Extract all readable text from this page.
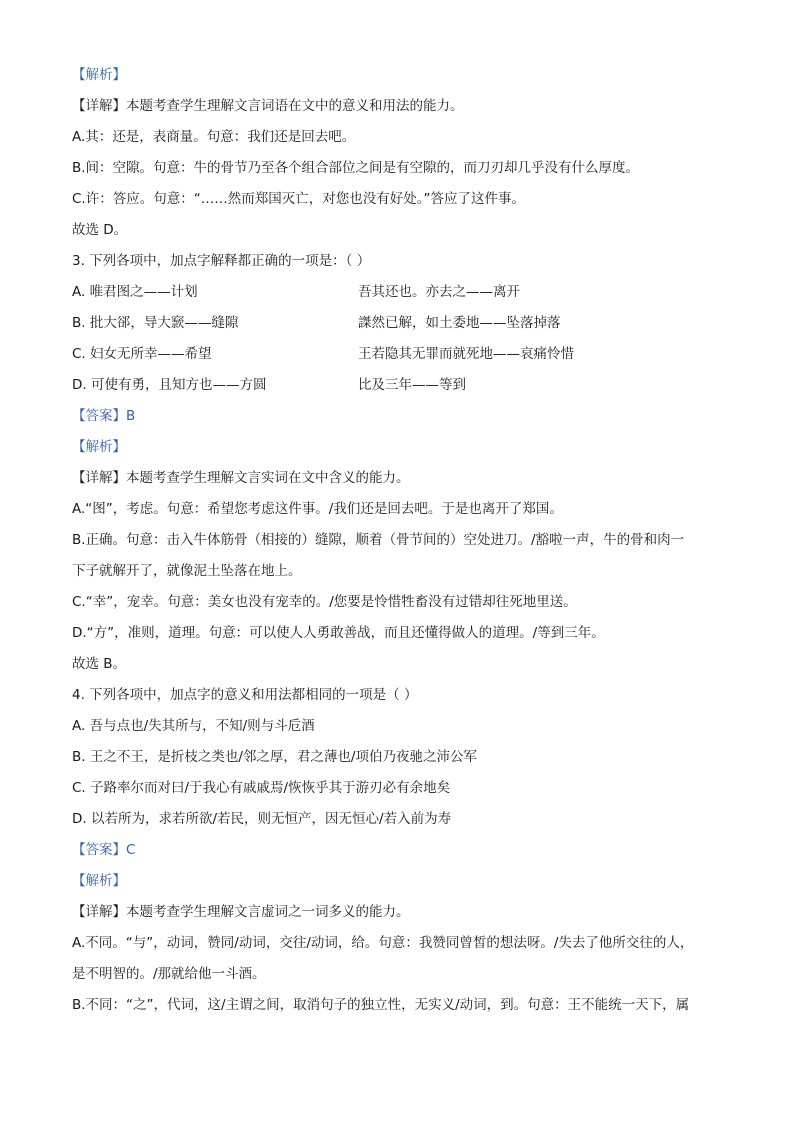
【解析】
【详解】本题考查学生理解文言词语在文中的意义和用法的能力。
A.其：还是，表商量。句意：我们还是回去吧。
B.间：空隙。句意：牛的骨节乃至各个组合部位之间是有空隙的，而刀刃却几乎没有什么厚度。
C.许：答应。句意：“……然而郑国灭亡，对您也没有好处。”答应了这件事。
故选 D。
3. 下列各项中，加点字解释都正确的一项是：（ ）
A. 唯君图之——计划	吾其还也。亦去之——离开
B. 批大郤，导大窾——缝隙	謋然已解，如土委地——坠落掉落
C. 妇女无所幸——希望	王若隐其无罪而就死地——哀痛怜惜
D. 可使有勇，且知方也——方圆	比及三年——等到
【答案】B
【解析】
【详解】本题考查学生理解文言实词在文中含义的能力。
A.“图”，考虑。句意：希望您考虑这件事。/我们还是回去吧。于是也离开了郑国。
B.正确。句意：击入牛体筋骨（相接的）缝隙，顺着（骨节间的）空处进刀。/豁啦一声，牛的骨和肉一
下子就解开了，就像泥土坠落在地上。
C.“幸”，宠幸。句意：美女也没有宠幸的。/您要是怜惜牲畜没有过错却往死地里送。
D.“方”，准则，道理。句意：可以使人人勇敢善战，而且还懂得做人的道理。/等到三年。
故选 B。
4. 下列各项中，加点字的意义和用法都相同的一项是（ ）
A. 吾与点也/失其所与，不知/则与斗卮酒
B. 王之不王，是折枝之类也/邻之厚，君之薄也/项伯乃夜驰之沛公军
C. 子路率尔而对曰/于我心有戚戚焉/恢恢乎其于游刃必有余地矣
D. 以若所为，求若所欲/若民，则无恒产，因无恒心/若入前为寿
【答案】C
【解析】
【详解】本题考查学生理解文言虚词之一词多义的能力。
A.不同。“与”，动词，赞同/动词，交往/动词，给。句意：我赞同曾皙的想法呀。/失去了他所交往的人，
是不明智的。/那就给他一斗酒。
B.不同：“之”，代词，这/主谓之间，取消句子的独立性，无实义/动词，到。句意：王不能统一天下，属
